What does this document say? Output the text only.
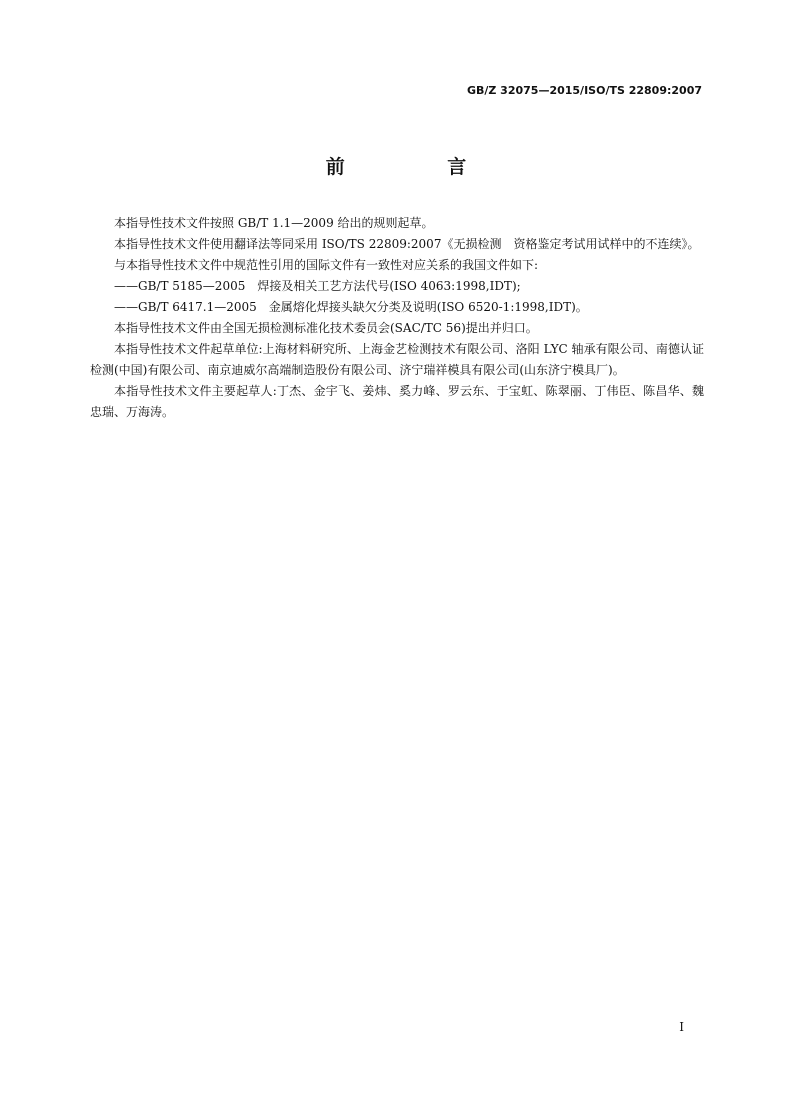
GB/Z 32075—2015/ISO/TS 22809:2007
前 言

本指导性技术文件按照 GB/T 1.1—2009 给出的规则起草。

本指导性技术文件使用翻译法等同采用 ISO/TS 22809:2007《无损检测　资格鉴定考试用试样中的不连续》。

与本指导性技术文件中规范性引用的国际文件有一致性对应关系的我国文件如下:

——GB/T 5185—2005　焊接及相关工艺方法代号(ISO 4063:1998,IDT);

——GB/T 6417.1—2005　金属熔化焊接头缺欠分类及说明(ISO 6520-1:1998,IDT)。

本指导性技术文件由全国无损检测标准化技术委员会(SAC/TC 56)提出并归口。

本指导性技术文件起草单位:上海材料研究所、上海金艺检测技术有限公司、洛阳 LYC 轴承有限公司、南德认证检测(中国)有限公司、南京迪威尔高端制造股份有限公司、济宁瑞祥模具有限公司(山东济宁模具厂)。

本指导性技术文件主要起草人:丁杰、金宇飞、姜炜、奚力峰、罗云东、于宝虹、陈翠丽、丁伟臣、陈昌华、魏忠瑞、万海涛。

I
